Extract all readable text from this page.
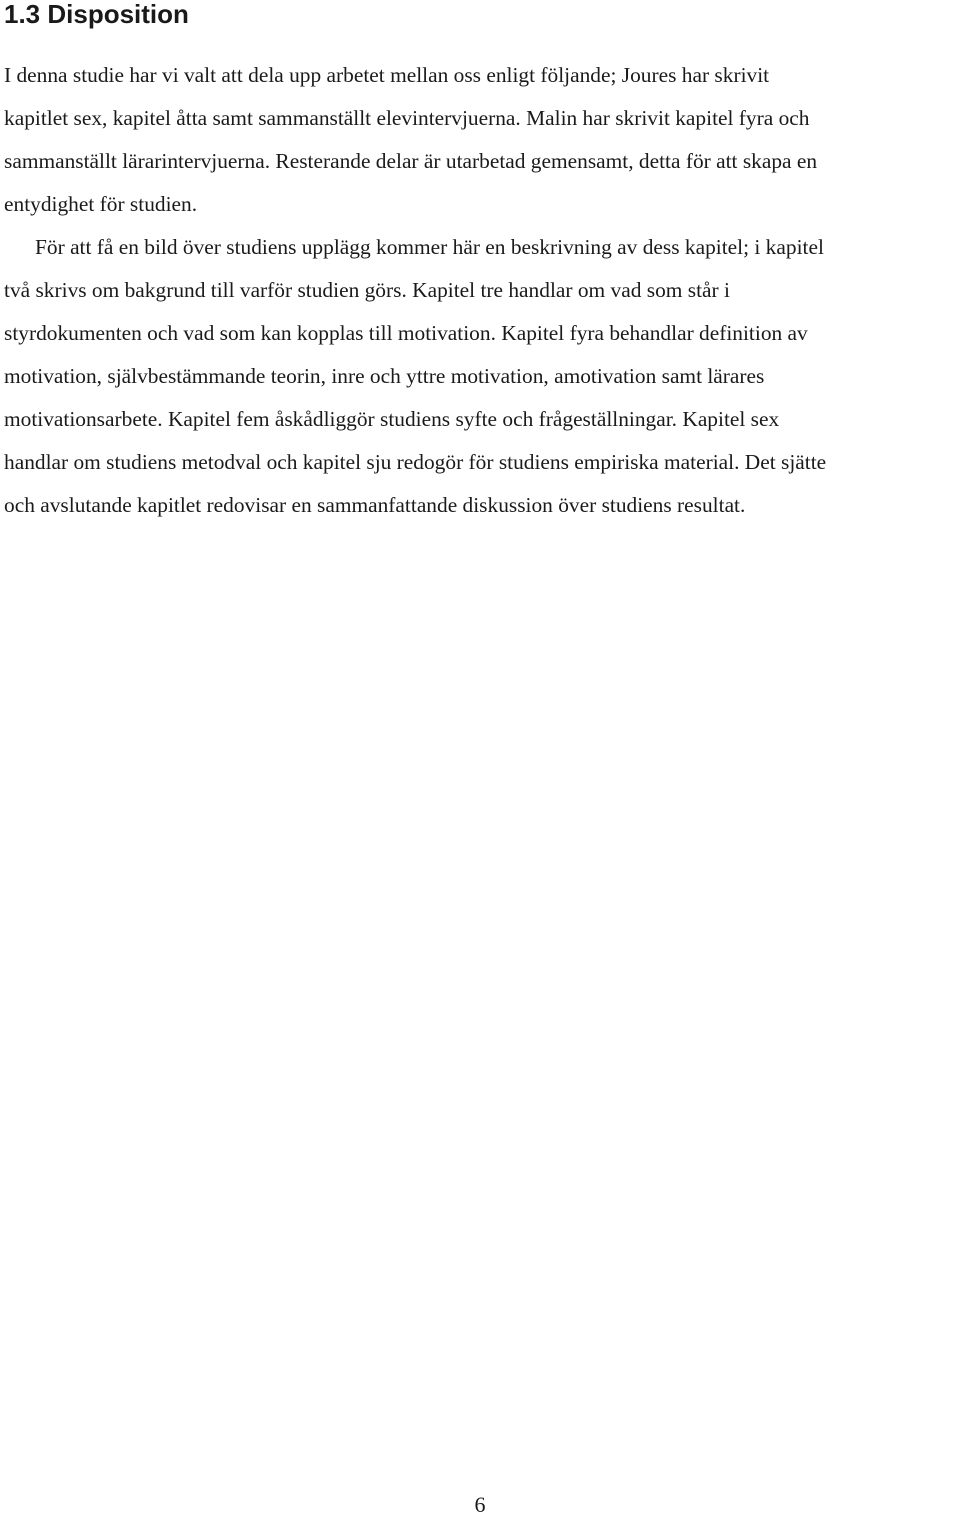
1.3 Disposition
I denna studie har vi valt att dela upp arbetet mellan oss enligt följande; Joures har skrivit
kapitlet sex, kapitel åtta samt sammanställt elevintervjuerna. Malin har skrivit kapitel fyra och
sammanställt lärarintervjuerna. Resterande delar är utarbetad gemensamt, detta för att skapa en
entydighet för studien.
För att få en bild över studiens upplägg kommer här en beskrivning av dess kapitel; i kapitel
två skrivs om bakgrund till varför studien görs. Kapitel tre handlar om vad som står i
styrdokumenten och vad som kan kopplas till motivation. Kapitel fyra behandlar definition av
motivation, självbestämmande teorin, inre och yttre motivation, amotivation samt lärares
motivationsarbete. Kapitel fem åskådliggör studiens syfte och frågeställningar. Kapitel sex
handlar om studiens metodval och kapitel sju redogör för studiens empiriska material. Det sjätte
och avslutande kapitlet redovisar en sammanfattande diskussion över studiens resultat.
6
